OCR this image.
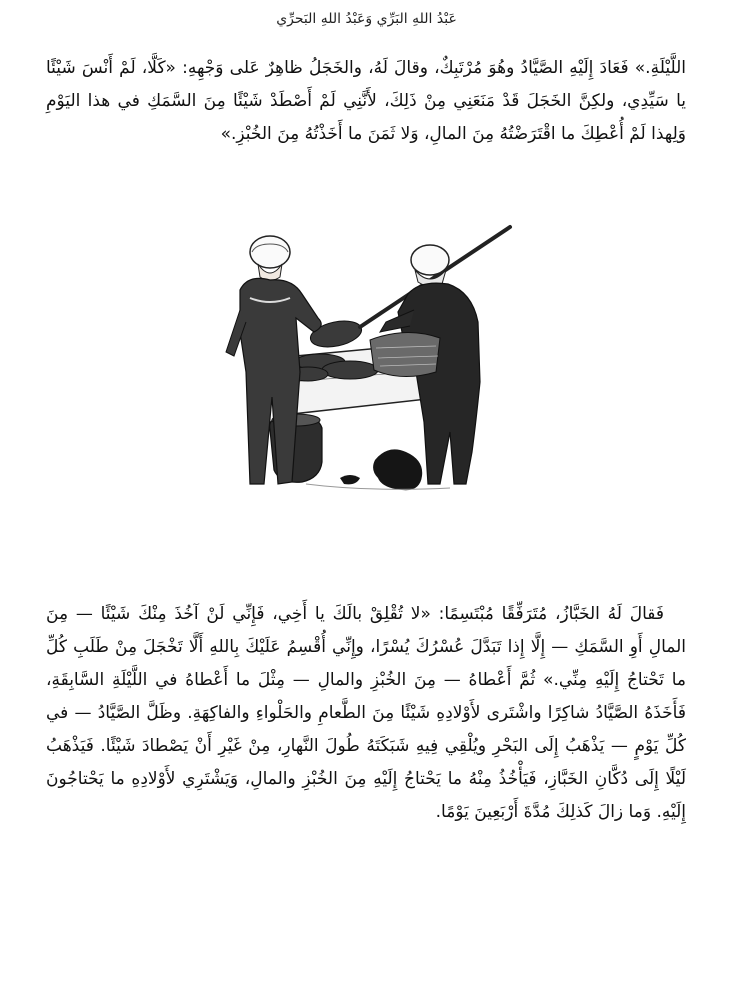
عَبْدُ اللهِ البَرِّي وَعَبْدُ اللهِ البَحرِّي

اللَّيْلَةِ.» فَعَادَ إِلَيْهِ الصَّيَّادُ وهُوَ مُرْتَبِكٌ، وقالَ لَهُ، والخَجَلُ ظاهِرٌ عَلى وَجْهِهِ: «كَلَّا، لَمْ أَنْسَ شَيْئًا يا سَيِّدِي، ولكِنَّ الخَجَلَ قَدْ مَنَعَنِي مِنْ ذَلِكَ، لأَنَّنِي لَمْ أَصْطَدْ شَيْئًا مِنَ السَّمَكِ في هذا اليَوْمِ وَلِهذا لَمْ أُعْطِكَ ما اقْتَرَضْتُهُ مِنَ المالِ، وَلا ثَمَنَ ما أَخَذْتُهُ مِنَ الخُبْزِ.»

فَقالَ لَهُ الخَبَّازُ، مُتَرَفِّقًا مُبْتَسِمًا: «لا تُقْلِقْ بالَكَ يا أَخِي، فَإِنِّي لَنْ آخُذَ مِنْكَ شَيْئًا — مِنَ المالِ أَوِ السَّمَكِ — إِلَّا إِذا تَبَدَّلَ عُسْرُكَ يُسْرًا، وإِنِّي أُقْسِمُ عَلَيْكَ بِاللهِ أَلَّا تَخْجَلَ مِنْ طَلَبِ كُلِّ ما تَحْتاجُ إِلَيْهِ مِنِّي.» ثُمَّ أَعْطاهُ — مِنَ الخُبْزِ والمالِ — مِثْلَ ما أَعْطاهُ في اللَّيْلَةِ السَّابِقَةِ، فَأَخَذَهُ الصَّيَّادُ شاكِرًا واشْتَرى لأَوْلادِهِ شَيْئًا مِنَ الطَّعامِ والحَلْواءِ والفاكِهَةِ. وظَلَّ الصَّيَّادُ — في كُلِّ يَوْمٍ — يَذْهَبُ إِلَى البَحْرِ ويُلْقِي فِيهِ شَبَكَتَهُ طُولَ النَّهارِ، مِنْ غَيْرِ أَنْ يَصْطادَ شَيْئًا. فَيَذْهَبُ لَيْلًا إِلَى دُكَّانِ الخَبَّازِ، فَيَأْخُذُ مِنْهُ ما يَحْتاجُ إِلَيْهِ مِنَ الخُبْزِ والمالِ، وَيَشْتَرِي لأَوْلادِهِ ما يَحْتاجُونَ إِلَيْهِ. وَما زالَ كَذلِكَ مُدَّةَ أَرْبَعِينَ يَوْمًا.
